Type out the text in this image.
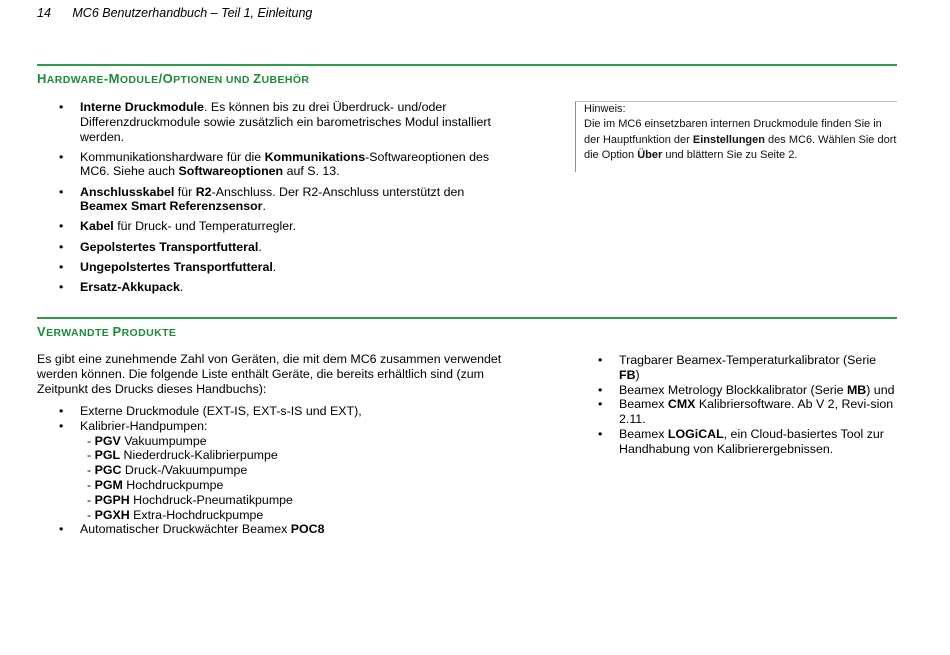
14 MC6 Benutzerhandbuch – Teil 1, Einleitung
HARDWARE-MODULE/OPTIONEN UND ZUBEHÖR
• Interne Druckmodule. Es können bis zu drei Überdruck- und/oder Differenzdruckmodule sowie zusätzlich ein barometrisches Modul installiert werden.
• Kommunikationshardware für die Kommunikations-Softwareoptionen des MC6. Siehe auch Softwareoptionen auf S. 13.
• Anschlusskabel für R2-Anschluss. Der R2-Anschluss unterstützt den Beamex Smart Referenzsensor.
• Kabel für Druck- und Temperaturregler.
• Gepolstertes Transportfutteral.
• Ungepolstertes Transportfutteral.
• Ersatz-Akkupack.
Hinweis:
Die im MC6 einsetzbaren internen Druckmodule finden Sie in der Hauptfunktion der Einstellungen des MC6. Wählen Sie dort die Option Über und blättern Sie zu Seite 2.
VERWANDTE PRODUKTE
Es gibt eine zunehmende Zahl von Geräten, die mit dem MC6 zusammen verwendet werden können. Die folgende Liste enthält Geräte, die bereits erhältlich sind (zum Zeitpunkt des Drucks dieses Handbuchs):
• Externe Druckmodule (EXT-IS, EXT-s-IS und EXT),
• Kalibrier-Handpumpen:
- PGV Vakuumpumpe
- PGL Niederdruck-Kalibrierpumpe
- PGC Druck-/Vakuumpumpe
- PGM Hochdruckpumpe
- PGPH Hochdruck-Pneumatikpumpe
- PGXH Extra-Hochdruckpumpe
• Automatischer Druckwächter Beamex POC8
• Tragbarer Beamex-Temperaturkalibrator (Serie FB)
• Beamex Metrology Blockkalibrator (Serie MB) und
• Beamex CMX Kalibriersoftware. Ab V 2, Revi-sion 2.11.
• Beamex LOGiCAL, ein Cloud-basiertes Tool zur Handhabung von Kalibrierergebnissen.
